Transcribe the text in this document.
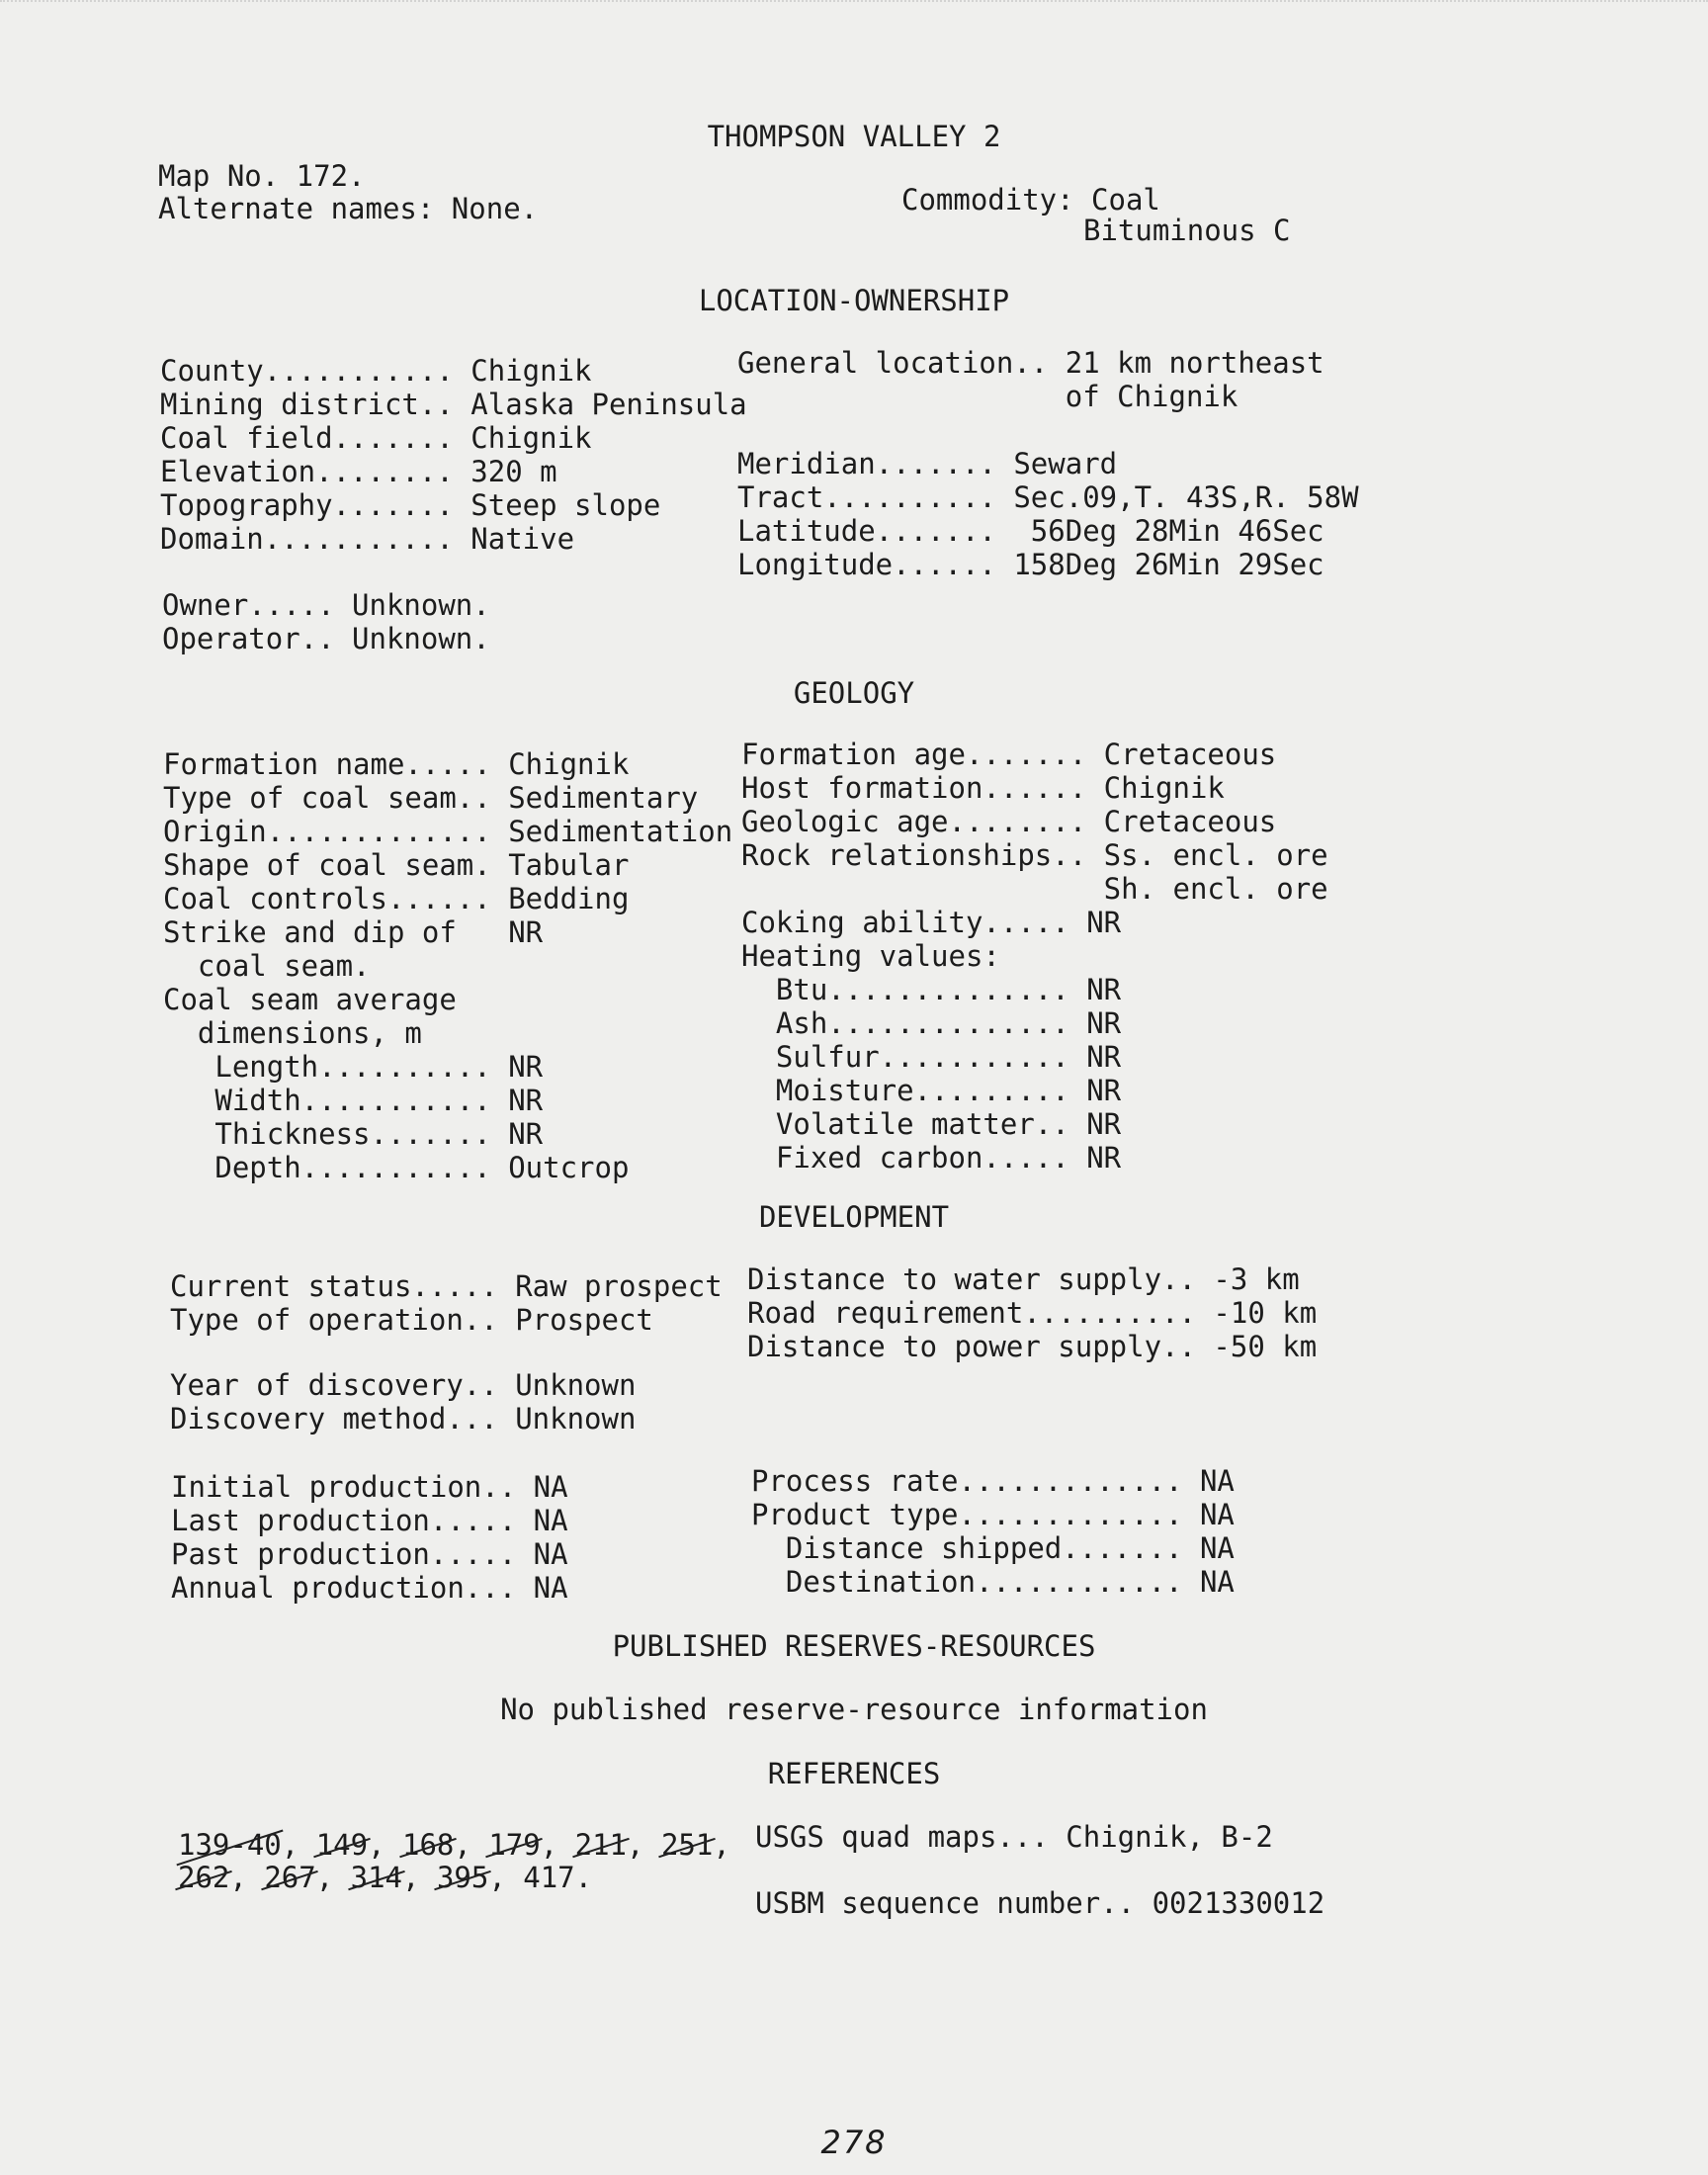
THOMPSON VALLEY 2
Map No. 172.
Alternate names: None.	Commodity: Coal
Bituminous C
LOCATION-OWNERSHIP
County........... Chignik
Mining district.. Alaska Peninsula
Coal field....... Chignik
Elevation........ 320 m
Topography....... Steep slope
Domain........... Native
General location.. 21 km northeast
of Chignik
Meridian....... Seward
Tract.......... Sec.09,T. 43S,R. 58W
Latitude.......  56Deg 28Min 46Sec
Longitude...... 158Deg 26Min 29Sec
Owner..... Unknown.
Operator.. Unknown.
GEOLOGY
Formation name..... Chignik
Type of coal seam.. Sedimentary
Origin............. Sedimentation
Shape of coal seam. Tabular
Coal controls...... Bedding
Strike and dip of   NR
coal seam.
Coal seam average
dimensions, m
Length.......... NR
Width........... NR
Thickness....... NR
Depth........... Outcrop
Formation age....... Cretaceous
Host formation...... Chignik
Geologic age........ Cretaceous
Rock relationships.. Ss. encl. ore
Sh. encl. ore
Coking ability..... NR
Heating values:
Btu.............. NR
Ash.............. NR
Sulfur........... NR
Moisture......... NR
Volatile matter.. NR
Fixed carbon..... NR
DEVELOPMENT
Current status..... Raw prospect
Type of operation.. Prospect
Year of discovery.. Unknown
Discovery method... Unknown
Initial production.. NA
Last production..... NA
Past production..... NA
Annual production... NA
Distance to water supply.. -3 km
Road requirement.......... -10 km
Distance to power supply.. -50 km
Process rate............. NA
Product type............. NA
Distance shipped....... NA
Destination............ NA
PUBLISHED RESERVES-RESOURCES
No published reserve-resource information
REFERENCES
139-40, 149, 168, 179, 211, 251,
262, 267, 314, 395, 417.
USGS quad maps... Chignik, B-2
USBM sequence number.. 0021330012
278
